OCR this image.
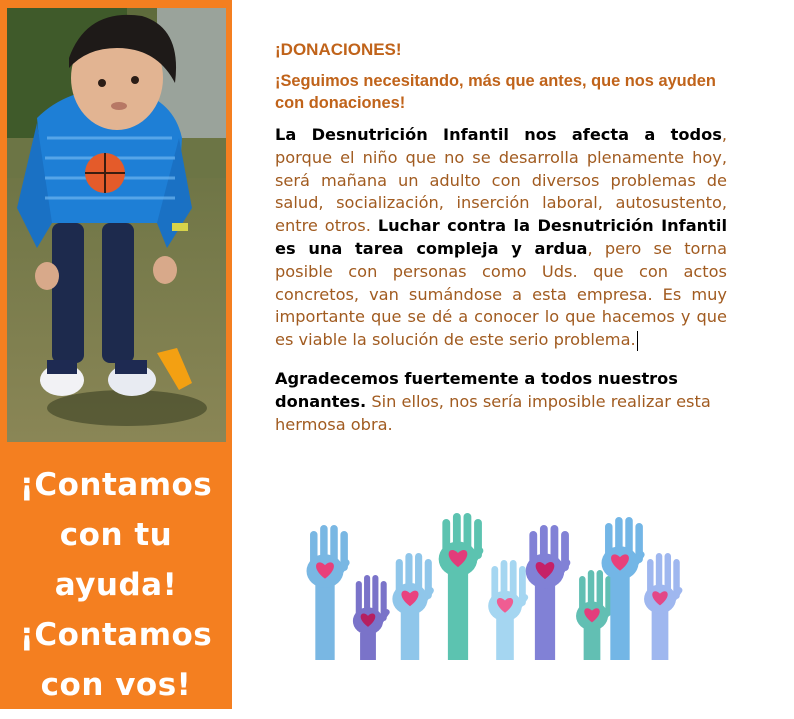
¡Contamos
con tu
ayuda!
¡Contamos
con vos!
¡DONACIONES!
¡Seguimos necesitando, más que antes, que nos ayuden con donaciones!

La Desnutrición Infantil nos afecta a todos, porque el niño que no se desarrolla plenamente hoy, será mañana un adulto con diversos problemas de salud, socialización, inserción laboral, autosustento, entre otros. Luchar contra la Desnutrición Infantil es una tarea compleja y ardua, pero se torna posible con personas como Uds. que con actos concretos, van sumándose a esta empresa. Es muy importante que se dé a conocer lo que hacemos y que es viable la solución de este serio problema.

Agradecemos fuertemente a todos nuestros donantes. Sin ellos, nos sería imposible realizar esta hermosa obra.
